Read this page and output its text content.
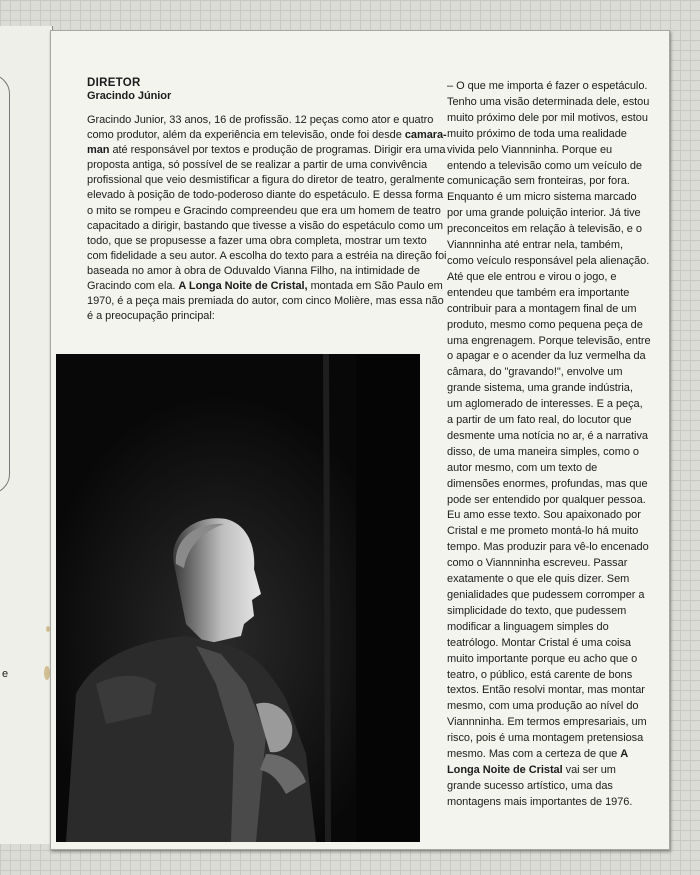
e
DIRETOR
Gracindo Júnior

Gracindo Junior, 33 anos, 16 de profissão. 12 peças como ator e quatro como produtor, além da experiência em televisão, onde foi desde camara-man até responsável por textos e produção de programas. Dirigir era uma proposta antiga, só possível de se realizar a partir de uma convivência profissional que veio desmistificar a figura do diretor de teatro, geralmente elevado à posição de todo-poderoso diante do espetáculo. E dessa forma o mito se rompeu e Gracindo compreendeu que era um homem de teatro capacitado a dirigir, bastando que tivesse a visão do espetáculo como um todo, que se propusesse a fazer uma obra completa, mostrar um texto com fidelidade a seu autor. A escolha do texto para a estréia na direção foi baseada no amor à obra de Oduvaldo Vianna Filho, na intimidade de Gracindo com ela. A Longa Noite de Cristal, montada em São Paulo em 1970, é a peça mais premiada do autor, com cinco Molière, mas essa não é a preocupação principal:

– O que me importa é fazer o espetáculo. Tenho uma visão determinada dele, estou muito próximo dele por mil motivos, estou muito próximo de toda uma realidade vivida pelo Viannninha. Porque eu entendo a televisão como um veículo de comunicação sem fronteiras, por fora. Enquanto é um micro sistema marcado por uma grande poluição interior. Já tive preconceitos em relação à televisão, e o Viannninha até entrar nela, também, como veículo responsável pela alienação. Até que ele entrou e virou o jogo, e entendeu que também era importante contribuir para a montagem final de um produto, mesmo como pequena peça de uma engrenagem. Porque televisão, entre o apagar e o acender da luz vermelha da câmara, do "gravando!", envolve um grande sistema, uma grande indústria, um aglomerado de interesses. E a peça, a partir de um fato real, do locutor que desmente uma notícia no ar, é a narrativa disso, de uma maneira simples, como o autor mesmo, com um texto de dimensões enormes, profundas, mas que pode ser entendido por qualquer pessoa. Eu amo esse texto. Sou apaixonado por Cristal e me prometo montá-lo há muito tempo. Mas produzir para vê-lo encenado como o Viannninha escreveu. Passar exatamente o que ele quis dizer. Sem genialidades que pudessem corromper a simplicidade do texto, que pudessem modificar a linguagem simples do teatrólogo. Montar Cristal é uma coisa muito importante porque eu acho que o teatro, o público, está carente de bons textos. Então resolvi montar, mas montar mesmo, com uma produção ao nível do Viannninha. Em termos empresariais, um risco, pois é uma montagem pretensiosa mesmo. Mas com a certeza de que A Longa Noite de Cristal vai ser um grande sucesso artístico, uma das montagens mais importantes de 1976.
